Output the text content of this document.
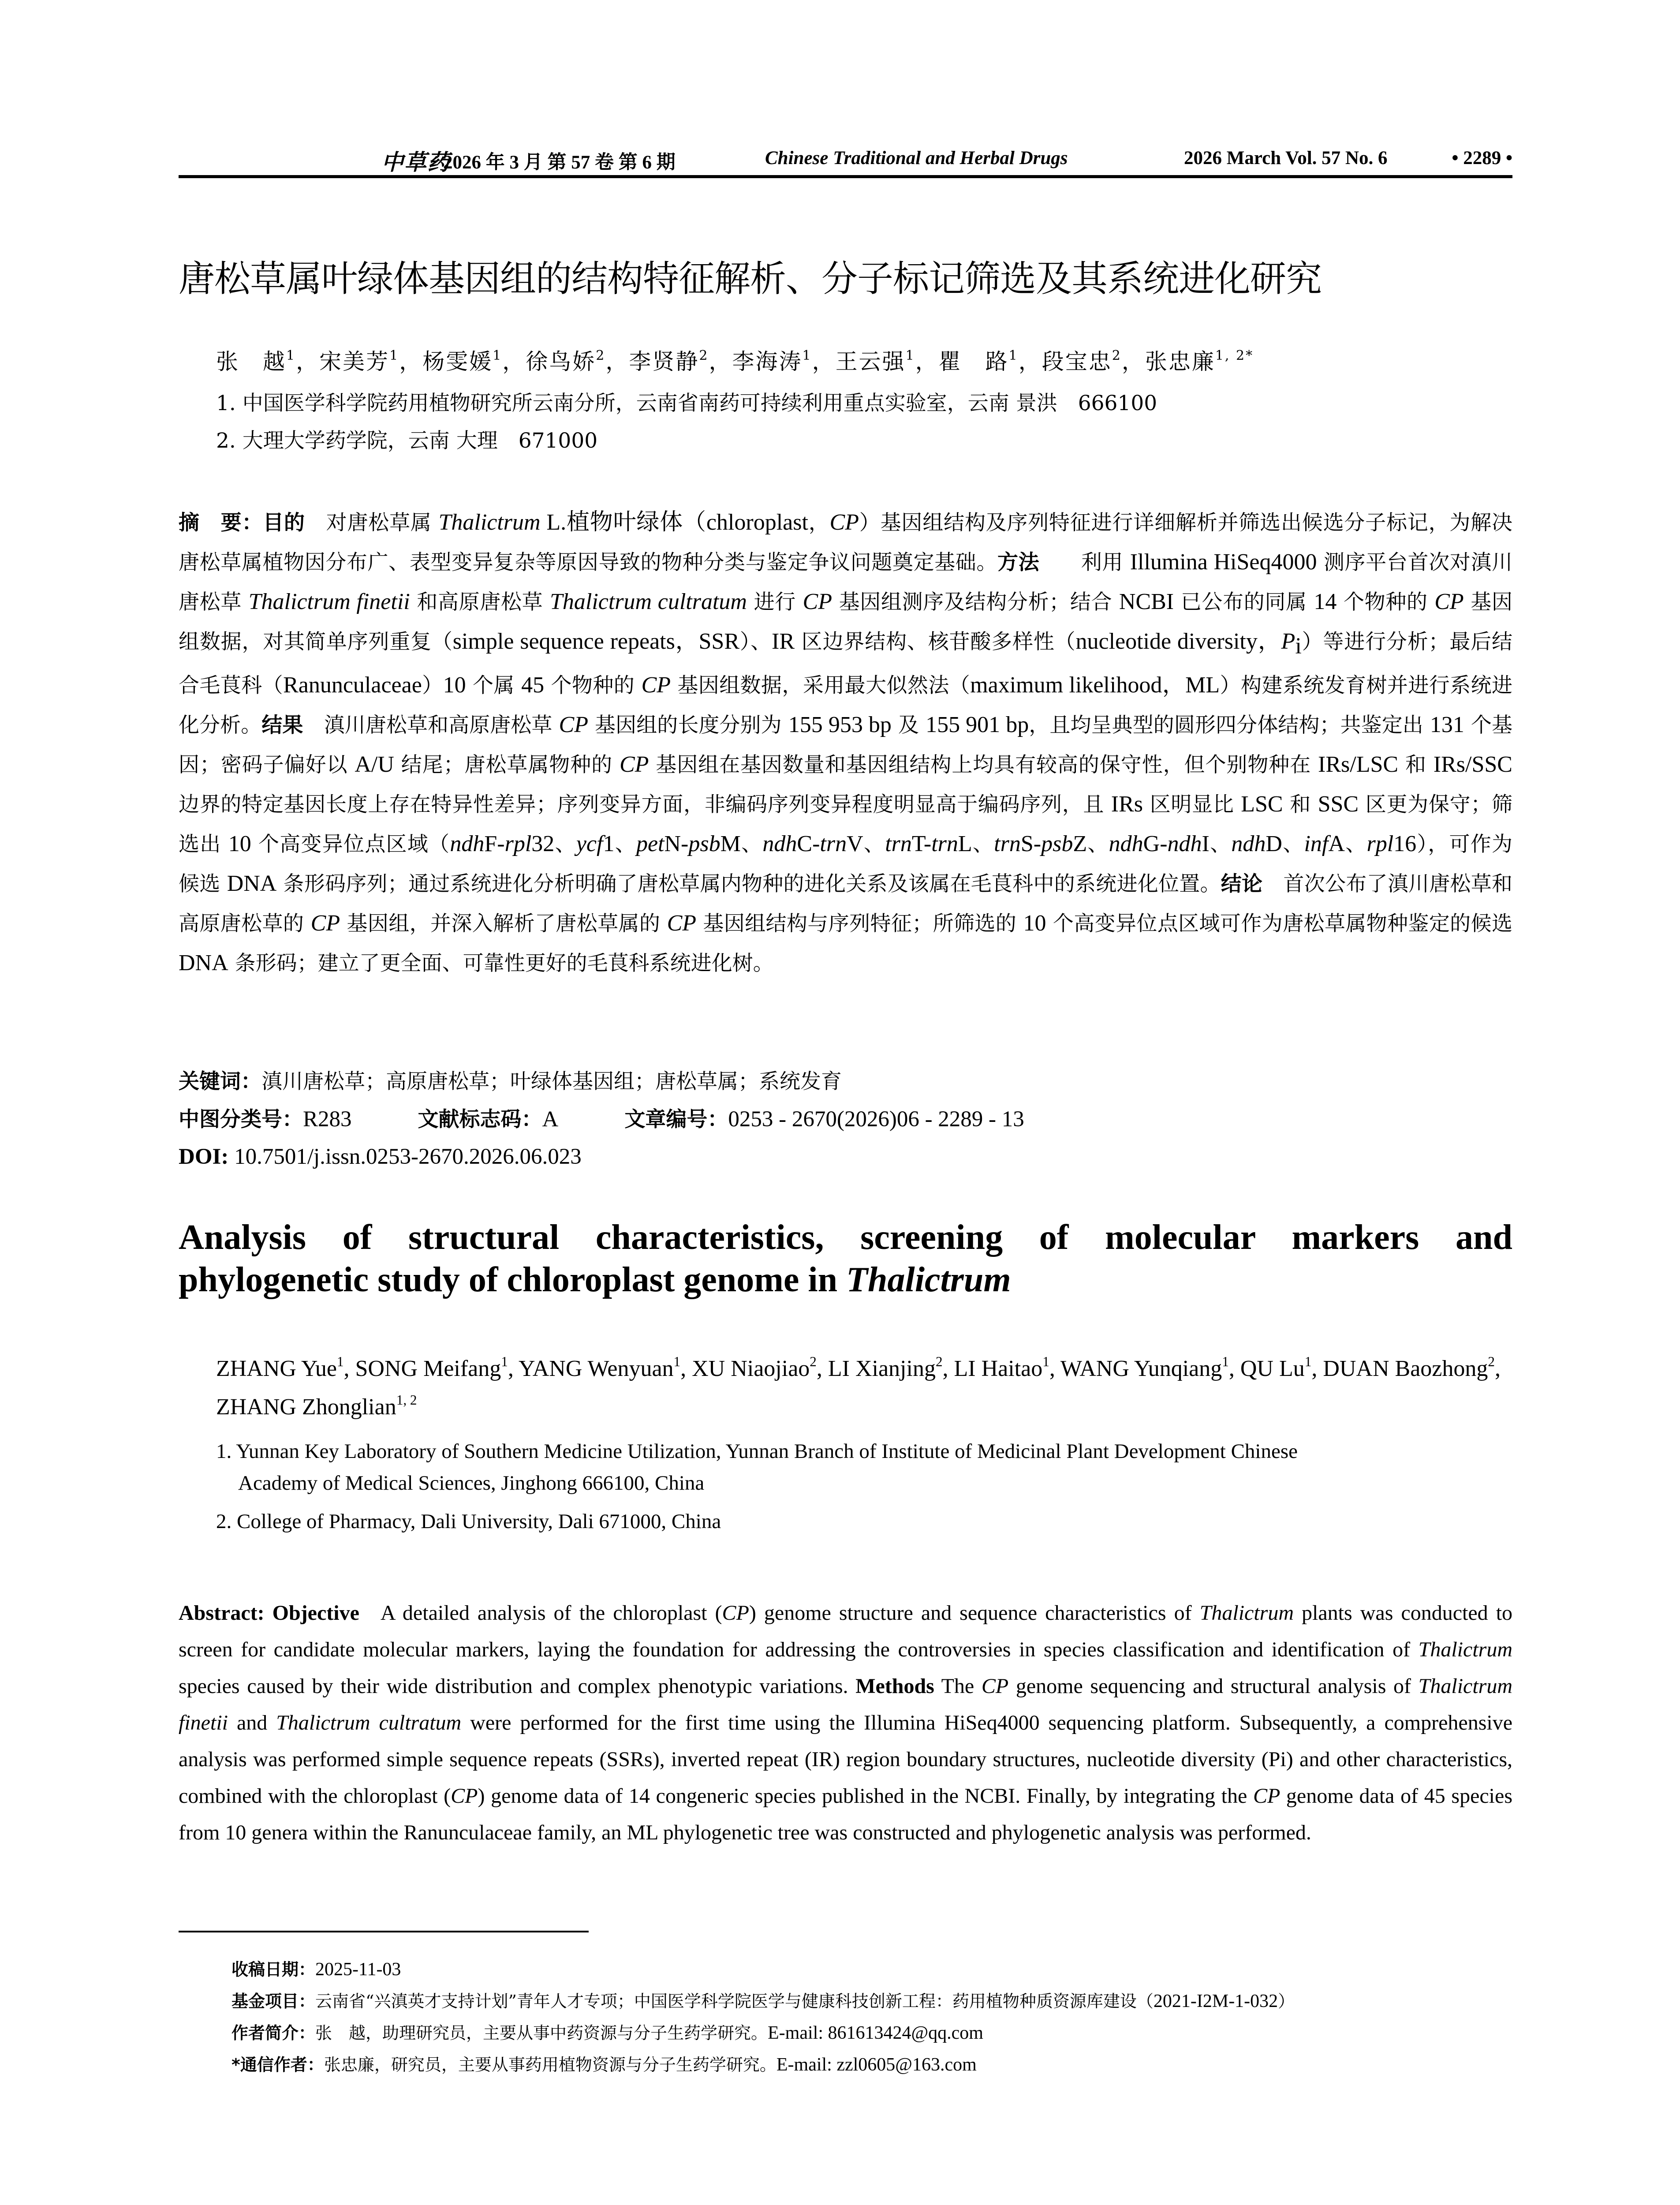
中草药
2026 年 3 月 第 57 卷 第 6 期	Chinese Traditional and Herbal Drugs	2026 March Vol. 57 No. 6	• 2289 •
唐松草属叶绿体基因组的结构特征解析、分子标记筛选及其系统进化研究
张　越$^1$，宋美芳$^1$，杨雯媛$^1$，徐鸟娇$^2$，李贤静$^2$，李海涛$^1$，王云强$^1$，瞿　路$^1$，段宝忠$^2$，张忠廉$^{1, 2*}$
1. 中国医学科学院药用植物研究所云南分所，云南省南药可持续利用重点实验室，云南 景洪　666100
2. 大理大学药学院，云南 大理　671000
摘　要：目的  对唐松草属 Thalictrum L.植物叶绿体（chloroplast，CP）基因组结构及序列特征进行详细解析并筛选出候选分子标记，为解决唐松草属植物因分布广、表型变异复杂等原因导致的物种分类与鉴定争议问题奠定基础。方法   利用 Illumina HiSeq4000 测序平台首次对滇川唐松草 Thalictrum finetii 和高原唐松草 Thalictrum cultratum 进行 CP 基因组测序及结构分析；结合 NCBI 已公布的同属 14 个物种的 CP 基因组数据，对其简单序列重复（simple sequence repeats，SSR）、IR 区边界结构、核苷酸多样性（nucleotide diversity，$P_i$）等进行分析；最后结合毛茛科（Ranunculaceae）10 个属 45 个物种的 CP 基因组数据，采用最大似然法（maximum likelihood，ML）构建系统发育树并进行系统进化分析。结果  滇川唐松草和高原唐松草 CP 基因组的长度分别为 155 953 bp 及 155 901 bp，且均呈典型的圆形四分体结构；共鉴定出 131 个基因；密码子偏好以 A/U 结尾；唐松草属物种的 CP 基因组在基因数量和基因组结构上均具有较高的保守性，但个别物种在 IRs/LSC 和 IRs/SSC 边界的特定基因长度上存在特异性差异；序列变异方面，非编码序列变异程度明显高于编码序列，且 IRs 区明显比 LSC 和 SSC 区更为保守；筛选出 10 个高变异位点区域（ndhF-rpl32、ycf1、petN-psbM、ndhC-trnV、trnT-trnL、trnS-psbZ、ndhG-ndhI、ndhD、infA、rpl16），可作为候选 DNA 条形码序列；通过系统进化分析明确了唐松草属内物种的进化关系及该属在毛茛科中的系统进化位置。结论  首次公布了滇川唐松草和高原唐松草的 CP 基因组，并深入解析了唐松草属的 CP 基因组结构与序列特征；所筛选的 10 个高变异位点区域可作为唐松草属物种鉴定的候选 DNA 条形码；建立了更全面、可靠性更好的毛茛科系统进化树。
关键词：滇川唐松草；高原唐松草；叶绿体基因组；唐松草属；系统发育
中图分类号：R283	文献标志码：A	文章编号：0253 - 2670(2026)06 - 2289 - 13
DOI: 10.7501/j.issn.0253-2670.2026.06.023
Analysis of structural characteristics, screening of molecular markers and
phylogenetic study of chloroplast genome in Thalictrum
ZHANG Yue$^1$, SONG Meifang$^1$, YANG Wenyuan$^1$, XU Niaojiao$^2$, LI Xianjing$^2$, LI Haitao$^1$, WANG Yunqiang$^1$, QU Lu$^1$, DUAN Baozhong$^2$, ZHANG Zhonglian$^{1, 2}$
1. Yunnan Key Laboratory of Southern Medicine Utilization, Yunnan Branch of Institute of Medicinal Plant Development Chinese
Academy of Medical Sciences, Jinghong 666100, China
2. College of Pharmacy, Dali University, Dali 671000, China
Abstract: Objective  A detailed analysis of the chloroplast (CP) genome structure and sequence characteristics of Thalictrum plants was conducted to screen for candidate molecular markers, laying the foundation for addressing the controversies in species classification and identification of Thalictrum species caused by their wide distribution and complex phenotypic variations. Methods The CP genome sequencing and structural analysis of Thalictrum finetii and Thalictrum cultratum were performed for the first time using the Illumina HiSeq4000 sequencing platform. Subsequently, a comprehensive analysis was performed simple sequence repeats (SSRs), inverted repeat (IR) region boundary structures, nucleotide diversity (Pi) and other characteristics, combined with the chloroplast (CP) genome data of 14 congeneric species published in the NCBI. Finally, by integrating the CP genome data of 45 species from 10 genera within the Ranunculaceae family, an ML phylogenetic tree was constructed and phylogenetic analysis was performed.
收稿日期：2025-11-03
基金项目：云南省“兴滇英才支持计划”青年人才专项；中国医学科学院医学与健康科技创新工程：药用植物种质资源库建设（2021-I2M-1-032）
作者简介：张　越，助理研究员，主要从事中药资源与分子生药学研究。E-mail: 861613424@qq.com
*通信作者：张忠廉，研究员，主要从事药用植物资源与分子生药学研究。E-mail: zzl0605@163.com
